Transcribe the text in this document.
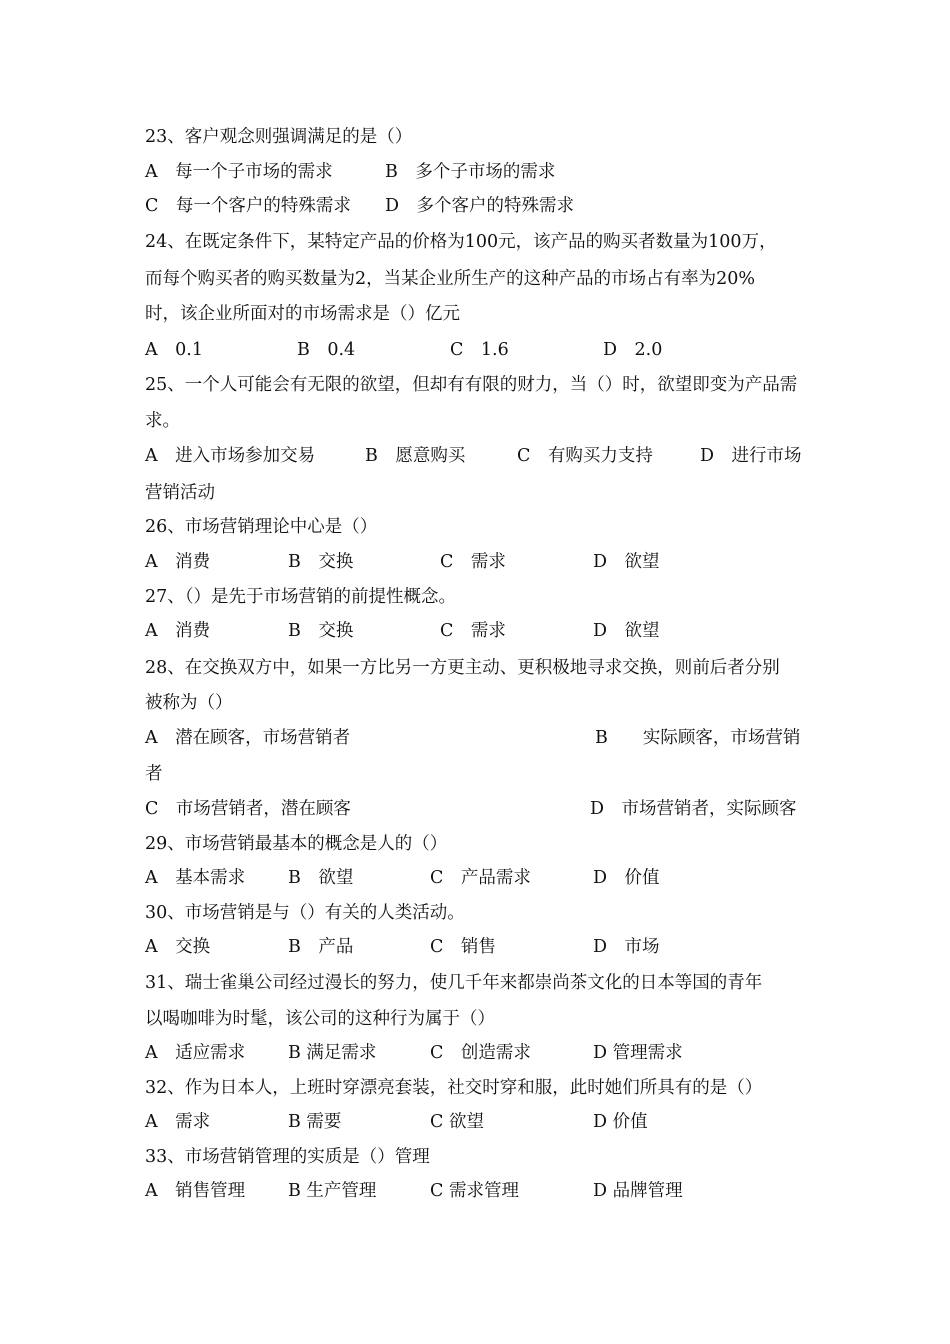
23、客户观念则强调满足的是（）
A　每一个子市场的需求	B　多个子市场的需求
C　每一个客户的特殊需求 D　多个客户的特殊需求
24、在既定条件下，某特定产品的价格为100元，该产品的购买者数量为100万，
而每个购买者的购买数量为2，当某企业所生产的这种产品的市场占有率为20%
时，该企业所面对的市场需求是（）亿元
A　0.1	B　0.4	C　1.6	D　2.0
25、一个人可能会有无限的欲望，但却有有限的财力，当（）时，欲望即变为产品需
求。
A　进入市场参加交易	B　愿意购买	C　有购买力支持	D　进行市场
营销活动
26、市场营销理论中心是（）
A　消费	B　交换	C　需求	D　欲望
27、（）是先于市场营销的前提性概念。
A　消费	B　交换	C　需求	D　欲望
28、在交换双方中，如果一方比另一方更主动、更积极地寻求交换，则前后者分别
被称为（）
A　潜在顾客，市场营销者	B　　实际顾客，市场营销
者
C　市场营销者，潜在顾客	D　市场营销者，实际顾客
29、市场营销最基本的概念是人的（）
A　基本需求 B　欲望	C　产品需求	D　价值
30、市场营销是与（）有关的人类活动。
A　交换	B　产品	C　销售	D　市场
31、瑞士雀巢公司经过漫长的努力，使几千年来都崇尚茶文化的日本等国的青年
以喝咖啡为时髦，该公司的这种行为属于（）
A　适应需求 B 满足需求	C　创造需求	D 管理需求
32、作为日本人，上班时穿漂亮套装，社交时穿和服，此时她们所具有的是（）
A　需求	B 需要	C 欲望	D 价值
33、市场营销管理的实质是（）管理
A　销售管理 B 生产管理	C 需求管理	D 品牌管理
